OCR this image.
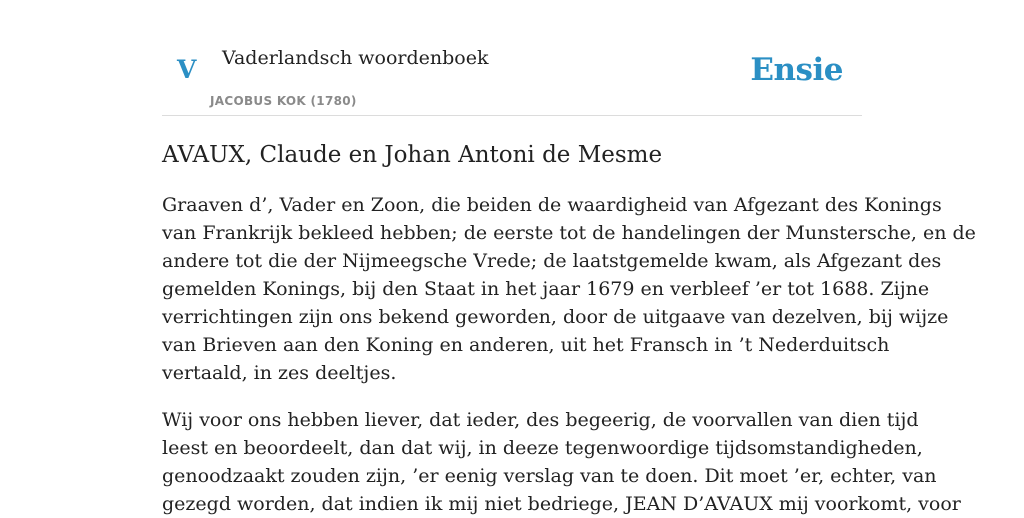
V Vaderlandsch woordenboek
JACOBUS KOK (1780)
Ensie
AVAUX, Claude en Johan Antoni de Mesme

Graaven d’, Vader en Zoon, die beiden de waardigheid van Afgezant des Konings
van Frankrijk bekleed hebben; de eerste tot de handelingen der Munstersche, en de
andere tot die der Nijmeegsche Vrede; de laatstgemelde kwam, als Afgezant des
gemelden Konings, bij den Staat in het jaar 1679 en verbleef ’er tot 1688. Zijne
verrichtingen zijn ons bekend geworden, door de uitgaave van dezelven, bij wijze
van Brieven aan den Koning en anderen, uit het Fransch in ’t Nederduitsch
vertaald, in zes deeltjes.

Wij voor ons hebben liever, dat ieder, des begeerig, de voorvallen van dien tijd
leest en beoordeelt, dan dat wij, in deeze tegenwoordige tijdsomstandigheden,
genoodzaakt zouden zijn, ’er eenig verslag van te doen. Dit moet ’er, echter, van
gezegd worden, dat indien ik mij niet bedriege, JEAN D’AVAUX mij voorkomt, voor
